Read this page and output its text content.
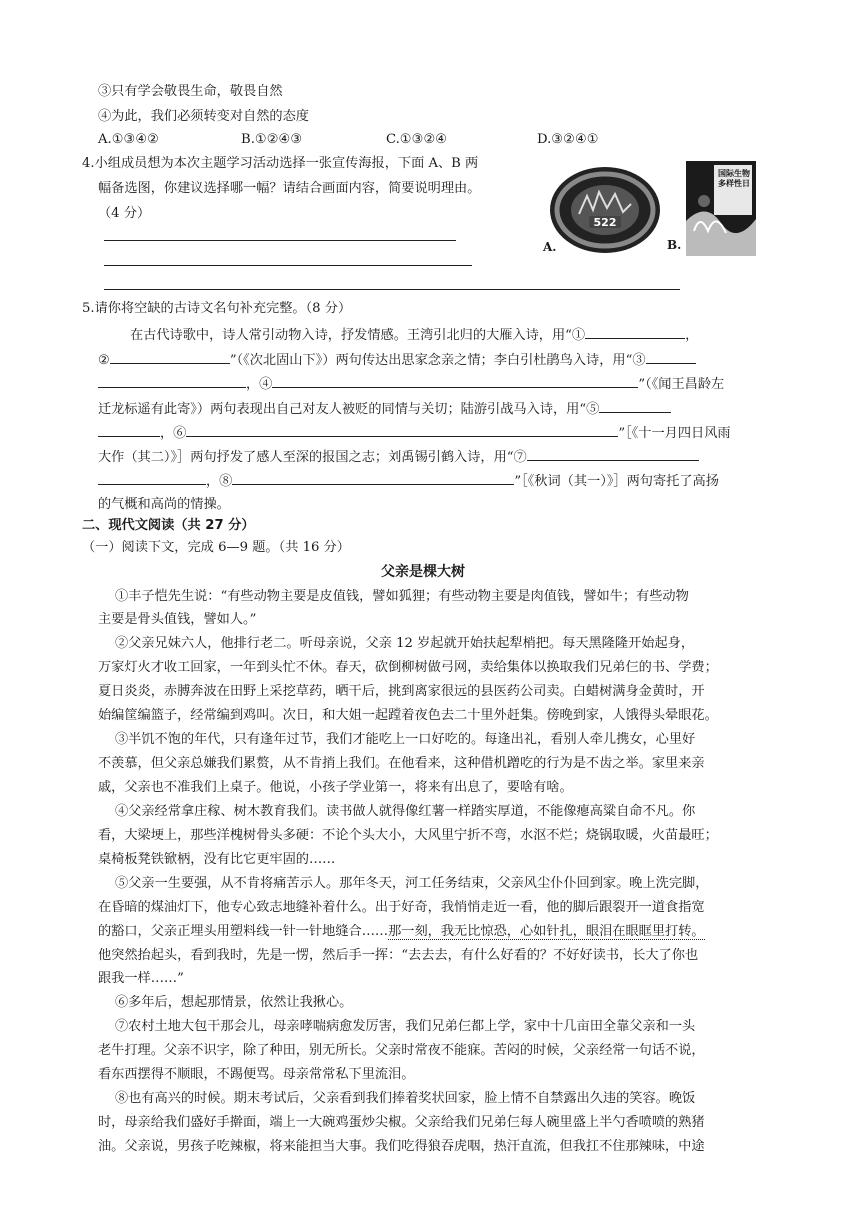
③只有学会敬畏生命，敬畏自然
④为此，我们必须转变对自然的态度
A.①③④②	B.①②④③	C.①③②④	D.③②④①
4.小组成员想为本次主题学习活动选择一张宣传海报，下面 A、B 两
幅备选图，你建议选择哪一幅？请结合画面内容，简要说明理由。
（4 分）
522
A.
国际生物多样性日
B.
5.请你将空缺的古诗文名句补充完整。（8 分）
在古代诗歌中，诗人常引动物入诗，抒发情感。王湾引北归的大雁入诗，用“①	，
②	”（《次北固山下》）两句传达出思家念亲之情；李白引杜鹃鸟入诗，用“③
，④	”（《闻王昌龄左
迁龙标遥有此寄》）两句表现出自己对友人被贬的同情与关切；陆游引战马入诗，用“⑤
，⑥	”［《十一月四日风雨
大作（其二）》］两句抒发了感人至深的报国之志；刘禹锡引鹤入诗，用“⑦
，⑧	”［《秋词（其一）》］两句寄托了高扬
的气概和高尚的情操。
二、现代文阅读（共 27 分）
（一）阅读下文，完成 6—9 题。（共 16 分）
父亲是棵大树
①丰子恺先生说：“有些动物主要是皮值钱，譬如狐狸；有些动物主要是肉值钱，譬如牛；有些动物
主要是骨头值钱，譬如人。”
②父亲兄妹六人，他排行老二。听母亲说，父亲 12 岁起就开始扶起犁梢把。每天黑隆隆开始起身，
万家灯火才收工回家，一年到头忙不休。春天，砍倒柳树做弓网，卖给集体以换取我们兄弟仨的书、学费；
夏日炎炎，赤膊奔波在田野上采挖草药，晒干后，挑到离家很远的县医药公司卖。白蜡树满身金黄时，开
始编筐编篮子，经常编到鸡叫。次日，和大姐一起蹚着夜色去二十里外赶集。傍晚到家，人饿得头晕眼花。
③半饥不饱的年代，只有逢年过节，我们才能吃上一口好吃的。每逢出礼，看别人牵儿携女，心里好
不羡慕，但父亲总嫌我们累赘，从不肯捎上我们。在他看来，这种借机蹭吃的行为是不齿之举。家里来亲
戚，父亲也不准我们上桌子。他说，小孩子学业第一，将来有出息了，要啥有啥。
④父亲经常拿庄稼、树木教育我们。读书做人就得像红薯一样踏实厚道，不能像瘪高粱自命不凡。你
看，大梁埂上，那些洋槐树骨头多硬：不论个头大小，大风里宁折不弯，水沤不烂；烧锅取暖，火苗最旺；
桌椅板凳铁锨柄，没有比它更牢固的……
⑤父亲一生要强，从不肯将痛苦示人。那年冬天，河工任务结束，父亲风尘仆仆回到家。晚上洗完脚，
在昏暗的煤油灯下，他专心致志地缝补着什么。出于好奇，我悄悄走近一看，他的脚后跟裂开一道食指宽
的豁口，父亲正埋头用塑料线一针一针地缝合……那一刻，我无比惊恐，心如针扎，眼泪在眼眶里打转。
他突然抬起头，看到我时，先是一愣，然后手一挥：“去去去，有什么好看的？不好好读书，长大了你也
跟我一样……”
⑥多年后，想起那情景，依然让我揪心。
⑦农村土地大包干那会儿，母亲哮喘病愈发厉害，我们兄弟仨都上学，家中十几亩田全靠父亲和一头
老牛打理。父亲不识字，除了种田，别无所长。父亲时常夜不能寐。苦闷的时候，父亲经常一句话不说，
看东西摆得不顺眼，不踢便骂。母亲常常私下里流泪。
⑧也有高兴的时候。期末考试后，父亲看到我们捧着奖状回家，脸上情不自禁露出久违的笑容。晚饭
时，母亲给我们盛好手擀面，端上一大碗鸡蛋炒尖椒。父亲给我们兄弟仨每人碗里盛上半勺香喷喷的熟猪
油。父亲说，男孩子吃辣椒，将来能担当大事。我们吃得狼吞虎咽，热汗直流，但我扛不住那辣味，中途
